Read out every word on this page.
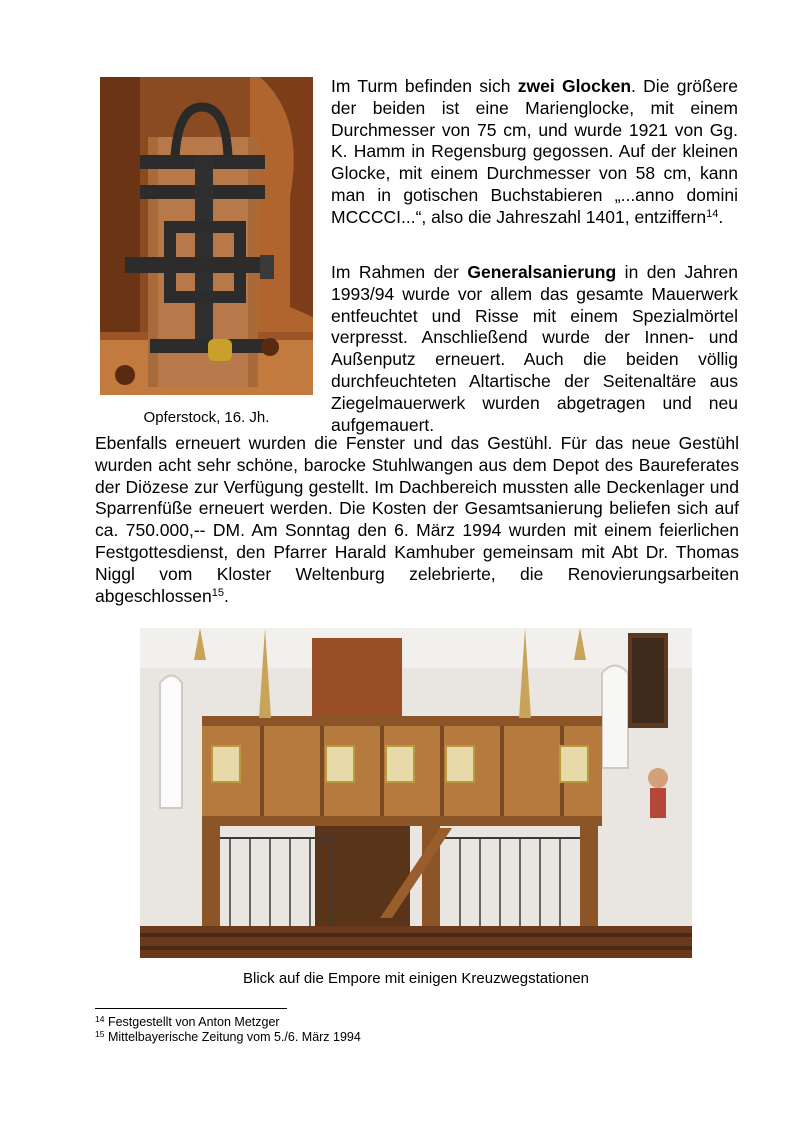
Opferstock, 16. Jh.

Im Turm befinden sich zwei Glocken. Die größere der beiden ist eine Marienglocke, mit einem Durchmesser von 75 cm, und wurde 1921 von Gg. K. Hamm in Regensburg gegossen. Auf der kleinen Glocke, mit einem Durchmesser von 58 cm, kann man in gotischen Buchstabieren „...anno domini MCCCCI...“, also die Jahreszahl 1401, entziffern$^{14}$.

Im Rahmen der Generalsanierung in den Jahren 1993/94 wurde vor allem das gesamte Mauerwerk entfeuchtet und Risse mit einem Spezialmörtel verpresst. Anschließend wurde der Innen- und Außenputz erneuert. Auch die beiden völlig durchfeuchteten Altartische der Seitenaltäre aus Ziegelmauerwerk wurden abgetragen und neu aufgemauert.

Ebenfalls erneuert wurden die Fenster und das Gestühl. Für das neue Gestühl wurden acht sehr schöne, barocke Stuhlwangen aus dem Depot des Baureferates der Diözese zur Verfügung gestellt. Im Dachbereich mussten alle Deckenlager und Sparrenfüße erneuert werden. Die Kosten der Gesamtsanierung beliefen sich auf ca. 750.000,-- DM. Am Sonntag den 6. März 1994 wurden mit einem feierlichen Festgottesdienst, den Pfarrer Harald Kamhuber gemeinsam mit Abt Dr. Thomas Niggl vom Kloster Weltenburg zelebrierte, die Renovierungsarbeiten abgeschlossen$^{15}$.

Blick auf die Empore mit einigen Kreuzwegstationen
$^{14}$ Festgestellt von Anton Metzger
$^{15}$ Mittelbayerische Zeitung vom 5./6. März 1994
